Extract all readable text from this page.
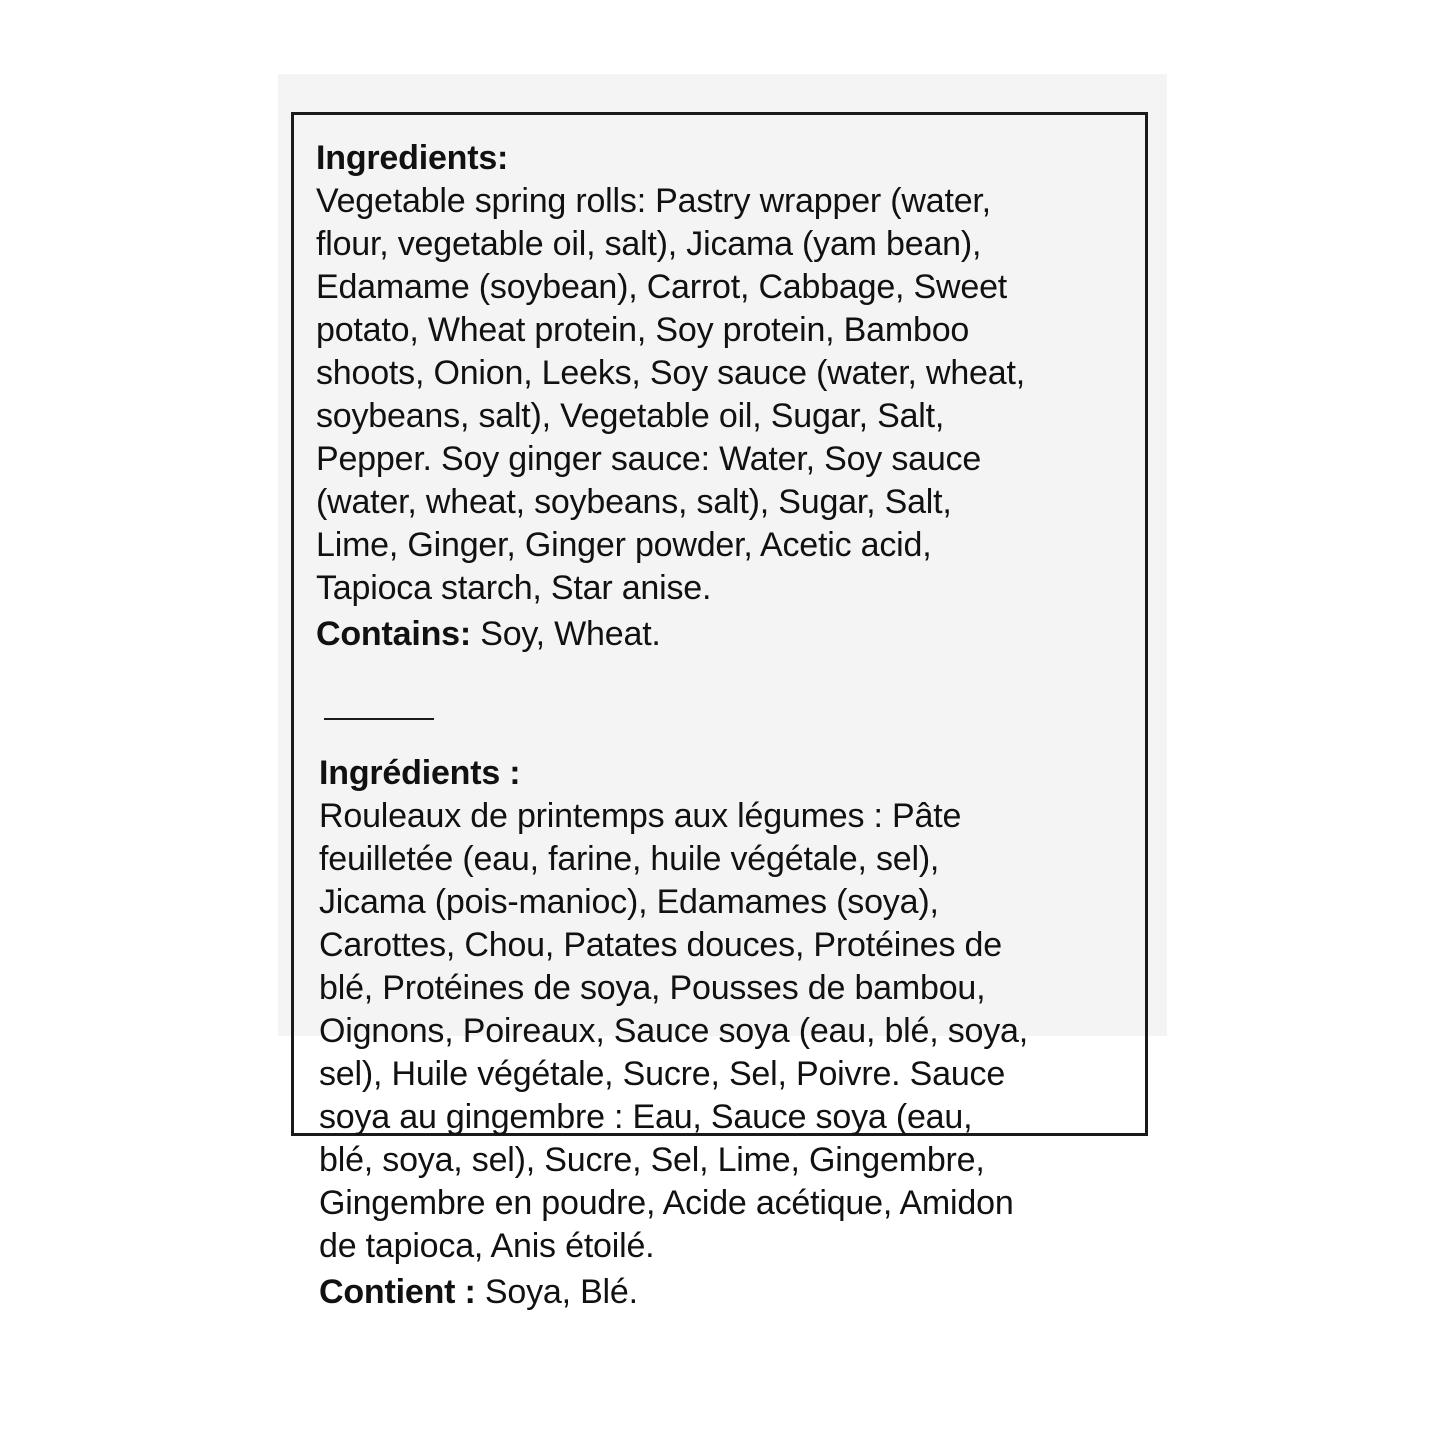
Ingredients:
Vegetable spring rolls: Pastry wrapper (water,
flour, vegetable oil, salt), Jicama (yam bean),
Edamame (soybean), Carrot, Cabbage, Sweet
potato, Wheat protein, Soy protein, Bamboo
shoots, Onion, Leeks, Soy sauce (water, wheat,
soybeans, salt), Vegetable oil, Sugar, Salt,
Pepper. Soy ginger sauce: Water, Soy sauce
(water, wheat, soybeans, salt), Sugar, Salt,
Lime, Ginger, Ginger powder, Acetic acid,
Tapioca starch, Star anise.
Contains: Soy, Wheat.
Ingrédients :
Rouleaux de printemps aux légumes : Pâte
feuilletée (eau, farine, huile végétale, sel),
Jicama (pois-manioc), Edamames (soya),
Carottes, Chou, Patates douces, Protéines de
blé, Protéines de soya, Pousses de bambou,
Oignons, Poireaux, Sauce soya (eau, blé, soya,
sel), Huile végétale, Sucre, Sel, Poivre. Sauce
soya au gingembre : Eau, Sauce soya (eau,
blé, soya, sel), Sucre, Sel, Lime, Gingembre,
Gingembre en poudre, Acide acétique, Amidon
de tapioca, Anis étoilé.
Contient : Soya, Blé.
